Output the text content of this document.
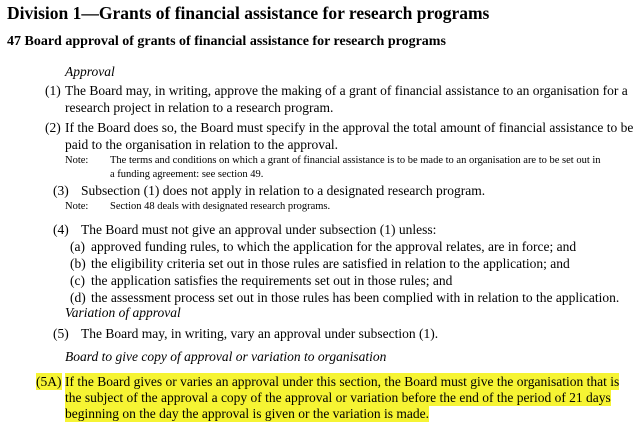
Division 1—Grants of financial assistance for research programs
47 Board approval of grants of financial assistance for research programs
Approval
(1) The Board may, in writing, approve the making of a grant of financial assistance to an organisation for a
research project in relation to a research program.
(2) If the Board does so, the Board must specify in the approval the total amount of financial assistance to be
paid to the organisation in relation to the approval.
Note: The terms and conditions on which a grant of financial assistance is to be made to an organisation are to be set out in
a funding agreement: see section 49.
(3) Subsection (1) does not apply in relation to a designated research program.
Note: Section 48 deals with designated research programs.
(4) The Board must not give an approval under subsection (1) unless:
(a) approved funding rules, to which the application for the approval relates, are in force; and
(b) the eligibility criteria set out in those rules are satisfied in relation to the application; and
(c) the application satisfies the requirements set out in those rules; and
(d) the assessment process set out in those rules has been complied with in relation to the application.
Variation of approval
(5) The Board may, in writing, vary an approval under subsection (1).
Board to give copy of approval or variation to organisation
(5A) If the Board gives or varies an approval under this section, the Board must give the organisation that is
the subject of the approval a copy of the approval or variation before the end of the period of 21 days
beginning on the day the approval is given or the variation is made.
